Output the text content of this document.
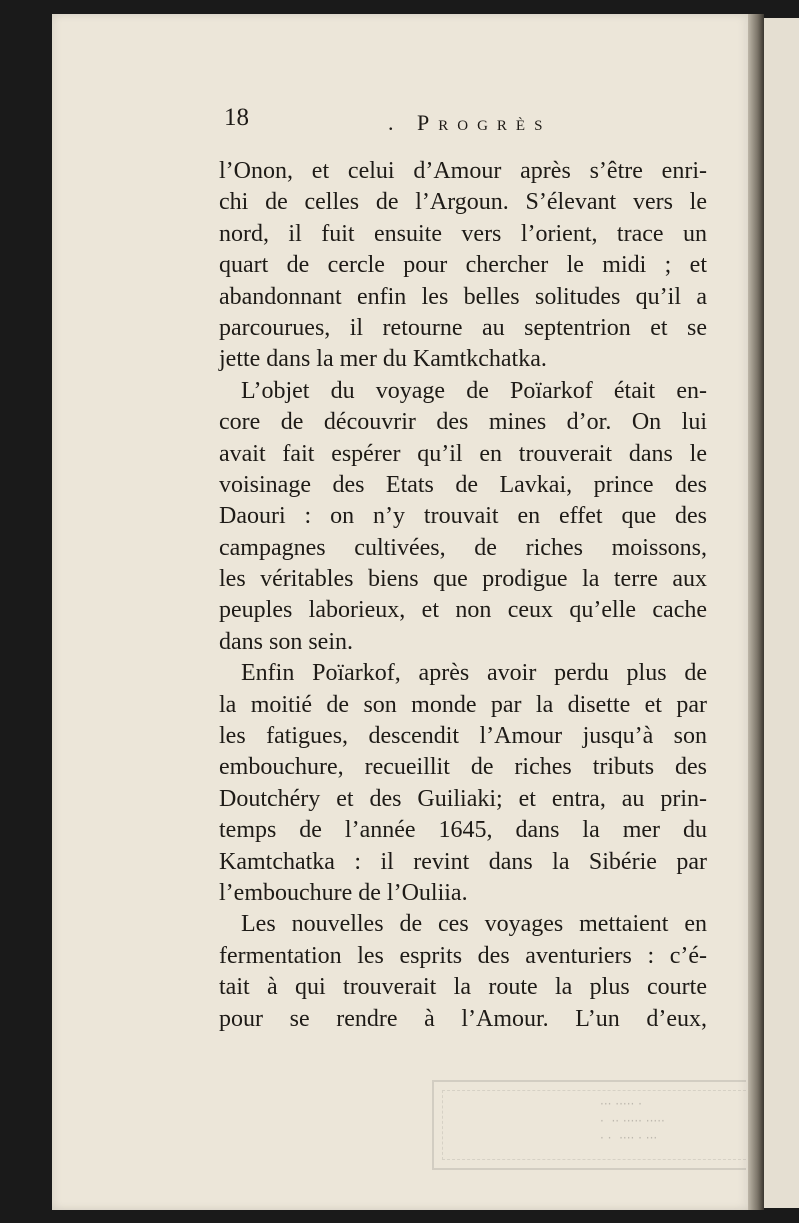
18	. Progrès
l’Onon, et celui d’Amour après s’être enri-
chi de celles de l’Argoun. S’élevant vers le
nord, il fuit ensuite vers l’orient, trace un
quart de cercle pour chercher le midi ; et
abandonnant enfin les belles solitudes qu’il a
parcourues, il retourne au septentrion et se
jette dans la mer du Kamtkchatka.
L’objet du voyage de Poïarkof était en-
core de découvrir des mines d’or. On lui
avait fait espérer qu’il en trouverait dans le
voisinage des Etats de Lavkai, prince des
Daouri : on n’y trouvait en effet que des
campagnes cultivées, de riches moissons,
les véritables biens que prodigue la terre aux
peuples laborieux, et non ceux qu’elle cache
dans son sein.
Enfin Poïarkof, après avoir perdu plus de
la moitié de son monde par la disette et par
les fatigues, descendit l’Amour jusqu’à son
embouchure, recueillit de riches tributs des
Doutchéry et des Guiliaki; et entra, au prin-
temps de l’année 1645, dans la mer du
Kamtchatka : il revint dans la Sibérie par
l’embouchure de l’Ouliia.
Les nouvelles de ces voyages mettaient en
fermentation les esprits des aventuriers : c’é-
tait à qui trouverait la route la plus courte
pour se rendre à l’Amour. L’un d’eux,
··· ····· ·
·  ·· ····· ·····
· ·  ···· · ···
